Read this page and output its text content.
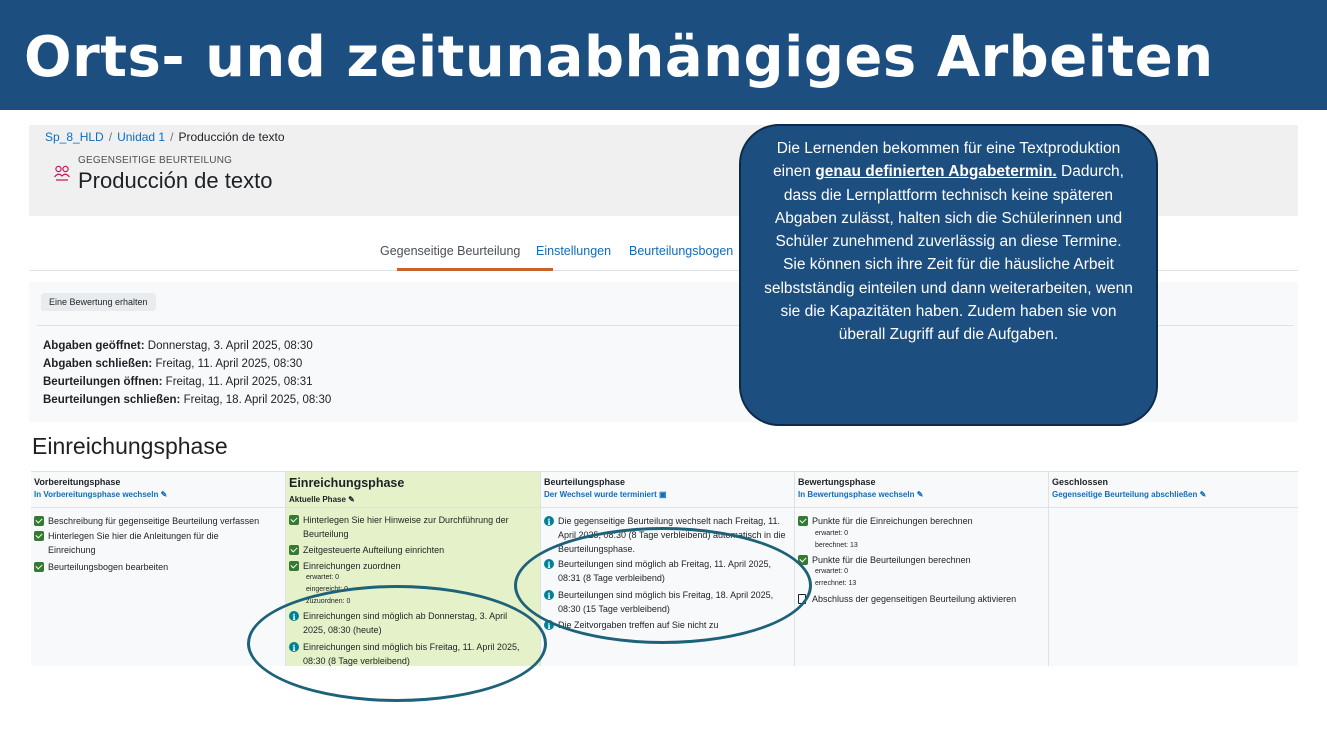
Orts- und zeitunabhängiges Arbeiten
Sp_8_HLD / Unidad 1 / Producción de texto
GEGENSEITIGE BEURTEILUNG
Producción de texto
Gegenseitige Beurteilung Einstellungen Beurteilungsbogen
Eine Bewertung erhalten
Abgaben geöffnet: Donnerstag, 3. April 2025, 08:30
Abgaben schließen: Freitag, 11. April 2025, 08:30
Beurteilungen öffnen: Freitag, 11. April 2025, 08:31
Beurteilungen schließen: Freitag, 18. April 2025, 08:30
Einreichungsphase
Vorbereitungsphase
In Vorbereitungsphase wechseln ✎
Beschreibung für gegenseitige Beurteilung verfassen
Hinterlegen Sie hier die Anleitungen für die Einreichung
Beurteilungsbogen bearbeiten
Einreichungsphase
Aktuelle Phase ✎
Hinterlegen Sie hier Hinweise zur Durchführung der Beurteilung
Zeitgesteuerte Aufteilung einrichten
Einreichungen zuordnen
erwartet: 0
eingereicht: 0
zuzuordnen: 0
i
Einreichungen sind möglich ab Donnerstag, 3. April 2025, 08:30 (heute)
i
Einreichungen sind möglich bis Freitag, 11. April 2025, 08:30 (8 Tage verbleibend)
Beurteilungsphase
Der Wechsel wurde terminiert ▣
i
Die gegenseitige Beurteilung wechselt nach Freitag, 11. April 2025, 08:30 (8 Tage verbleibend) automatisch in die Beurteilungsphase.
i
Beurteilungen sind möglich ab Freitag, 11. April 2025, 08:31 (8 Tage verbleibend)
i
Beurteilungen sind möglich bis Freitag, 18. April 2025, 08:30 (15 Tage verbleibend)
i
Die Zeitvorgaben treffen auf Sie nicht zu
Bewertungsphase
In Bewertungsphase wechseln ✎
Punkte für die Einreichungen berechnen
erwartet: 0
berechnet: 13
Punkte für die Beurteilungen berechnen
erwartet: 0
errechnet: 13
Abschluss der gegenseitigen Beurteilung aktivieren
Geschlossen
Gegenseitige Beurteilung abschließen ✎
Die Lernenden bekommen für eine Textproduktion einen genau definierten Abgabetermin. Dadurch, dass die Lernplattform technisch keine späteren Abgaben zulässt, halten sich die Schülerinnen und Schüler zunehmend zuverlässig an diese Termine.
Sie können sich ihre Zeit für die häusliche Arbeit selbstständig einteilen und dann weiterarbeiten, wenn sie die Kapazitäten haben. Zudem haben sie von überall Zugriff auf die Aufgaben.
